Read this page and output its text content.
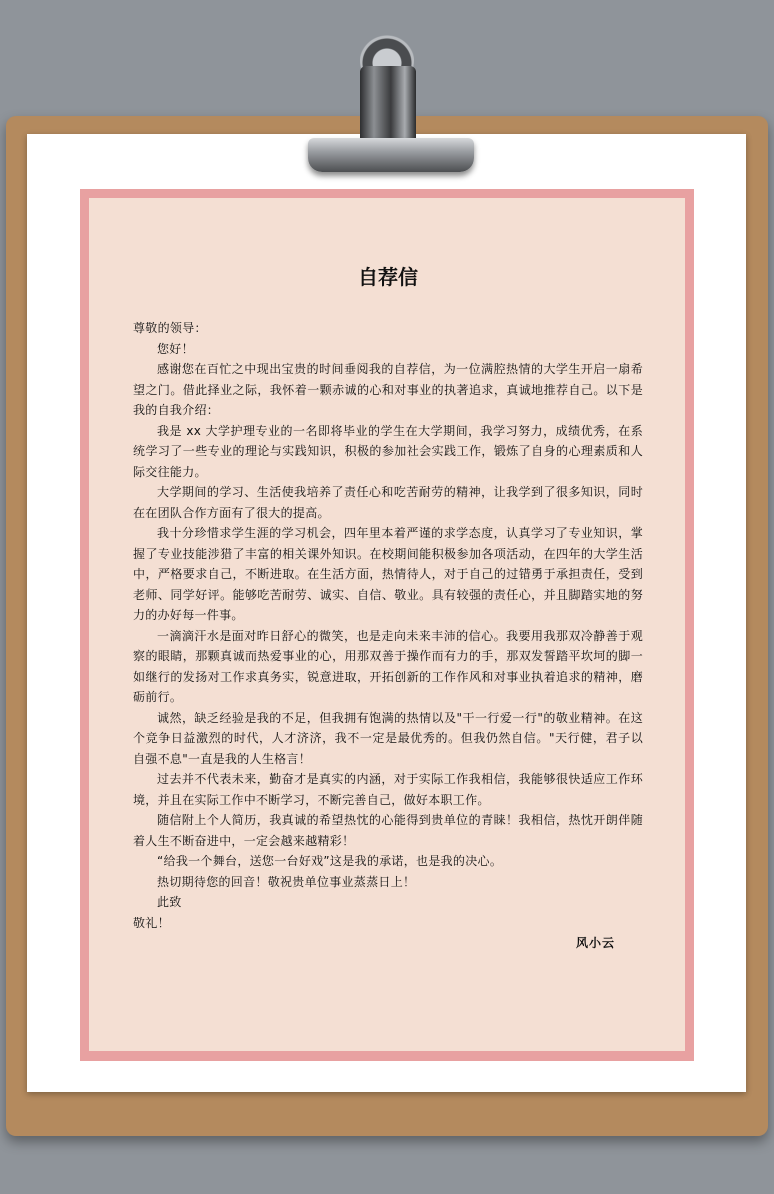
自荐信

尊敬的领导：

您好！

感谢您在百忙之中现出宝贵的时间垂阅我的自荐信，为一位满腔热情的大学生开启一扇希望之门。借此择业之际，我怀着一颗赤诚的心和对事业的执著追求，真诚地推荐自己。以下是我的自我介绍：

我是 xx 大学护理专业的一名即将毕业的学生在大学期间，我学习努力，成绩优秀，在系统学习了一些专业的理论与实践知识，积极的参加社会实践工作，锻炼了自身的心理素质和人际交往能力。

大学期间的学习、生活使我培养了责任心和吃苦耐劳的精神，让我学到了很多知识，同时在在团队合作方面有了很大的提高。

我十分珍惜求学生涯的学习机会，四年里本着严谨的求学态度，认真学习了专业知识，掌握了专业技能涉猎了丰富的相关课外知识。在校期间能积极参加各项活动，在四年的大学生活中，严格要求自己，不断进取。在生活方面，热情待人，对于自己的过错勇于承担责任，受到老师、同学好评。能够吃苦耐劳、诚实、自信、敬业。具有较强的责任心，并且脚踏实地的努力的办好每一件事。

一滴滴汗水是面对昨日舒心的微笑，也是走向未来丰沛的信心。我要用我那双冷静善于观察的眼睛，那颗真诚而热爱事业的心，用那双善于操作而有力的手，那双发誓踏平坎坷的脚一如继行的发扬对工作求真务实，锐意进取，开拓创新的工作作风和对事业执着追求的精神，磨砺前行。

诚然，缺乏经验是我的不足，但我拥有饱满的热情以及"干一行爱一行"的敬业精神。在这个竞争日益激烈的时代，人才济济，我不一定是最优秀的。但我仍然自信。"天行健，君子以自强不息"一直是我的人生格言！

过去并不代表未来，勤奋才是真实的内涵，对于实际工作我相信，我能够很快适应工作环境，并且在实际工作中不断学习，不断完善自己，做好本职工作。

随信附上个人简历，我真诚的希望热忱的心能得到贵单位的青睐！我相信，热忱开朗伴随着人生不断奋进中，一定会越来越精彩！

“给我一个舞台，送您一台好戏”这是我的承诺，也是我的决心。

热切期待您的回音！敬祝贵单位事业蒸蒸日上！

此致

敬礼！

风小云
